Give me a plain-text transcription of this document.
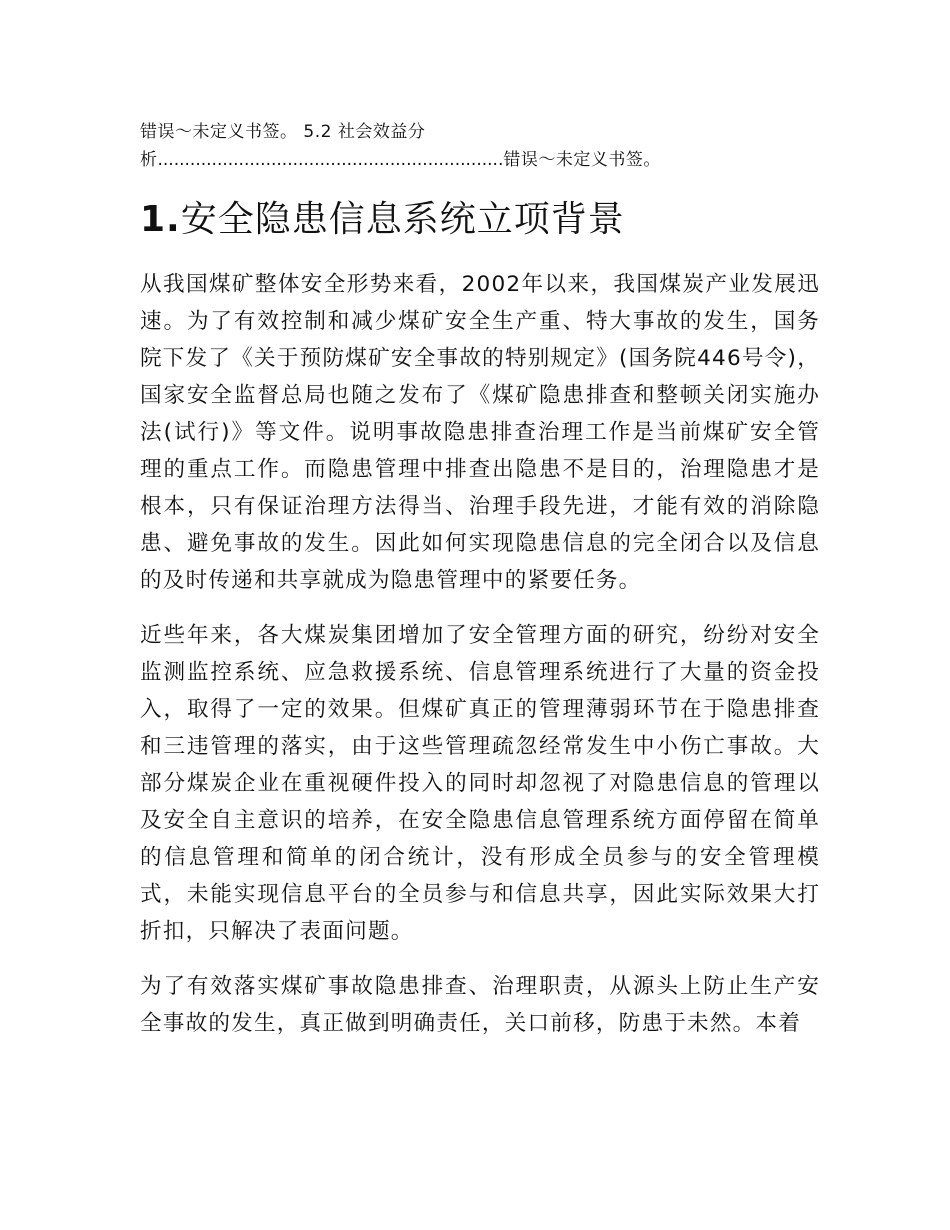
错误～未定义书签。 5.2 社会效益分
析................................................................错误～未定义书签。
1.安全隐患信息系统立项背景

从我国煤矿整体安全形势来看，2002年以来，我国煤炭产业发展迅速。为了有效控制和减少煤矿安全生产重、特大事故的发生，国务院下发了《关于预防煤矿安全事故的特别规定》(国务院446号令)，国家安全监督总局也随之发布了《煤矿隐患排查和整顿关闭实施办法(试行)》等文件。说明事故隐患排查治理工作是当前煤矿安全管理的重点工作。而隐患管理中排查出隐患不是目的，治理隐患才是根本，只有保证治理方法得当、治理手段先进，才能有效的消除隐患、避免事故的发生。因此如何实现隐患信息的完全闭合以及信息的及时传递和共享就成为隐患管理中的紧要任务。

近些年来，各大煤炭集团增加了安全管理方面的研究，纷纷对安全监测监控系统、应急救援系统、信息管理系统进行了大量的资金投入，取得了一定的效果。但煤矿真正的管理薄弱环节在于隐患排查和三违管理的落实，由于这些管理疏忽经常发生中小伤亡事故。大部分煤炭企业在重视硬件投入的同时却忽视了对隐患信息的管理以及安全自主意识的培养，在安全隐患信息管理系统方面停留在简单的信息管理和简单的闭合统计，没有形成全员参与的安全管理模式，未能实现信息平台的全员参与和信息共享，因此实际效果大打折扣，只解决了表面问题。

为了有效落实煤矿事故隐患排查、治理职责，从源头上防止生产安全事故的发生，真正做到明确责任，关口前移，防患于未然。本着
